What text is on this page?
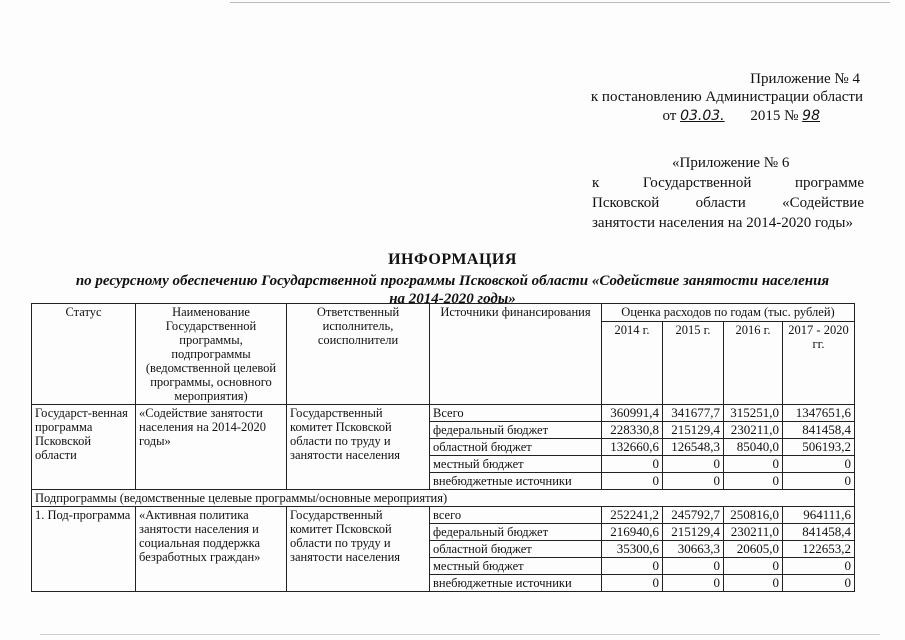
Приложение № 4
к постановлению Администрации области
от 03.03. 2015 № 98
«Приложение № 6
к	Государственной	программе
Псковской области «Содействие
занятости населения на 2014-2020 годы»
ИНФОРМАЦИЯ
по ресурсному обеспечению Государственной программы Псковской области «Содействие занятости населения
на 2014-2020 годы»
Статус	Наименование Государственной программы, подпрограммы (ведомственной целевой программы, основного мероприятия)	Ответственный исполнитель, соисполнители	Источники финансирования	Оценка расходов по годам (тыс. рублей)			
				2014 г.	2015 г.	2016 г.	2017 - 2020 гг.
Государст-венная программа Псковской области	«Содействие занятости населения на 2014-2020 годы»	Государственный комитет Псковской области по труду и занятости населения	Всего	360991,4	341677,7	315251,0	1347651,6
			федеральный бюджет	228330,8	215129,4	230211,0	841458,4
			областной бюджет	132660,6	126548,3	85040,0	506193,2
			местный бюджет	0	0	0	0
			внебюджетные источники	0	0	0	0
Подпрограммы (ведомственные целевые программы/основные мероприятия)							
1. Под-программа	«Активная политика занятости населения и социальная поддержка безработных граждан»	Государственный комитет Псковской области по труду и занятости населения	всего	252241,2	245792,7	250816,0	964111,6
			федеральный бюджет	216940,6	215129,4	230211,0	841458,4
			областной бюджет	35300,6	30663,3	20605,0	122653,2
			местный бюджет	0	0	0	0
			внебюджетные источники	0	0	0	0
